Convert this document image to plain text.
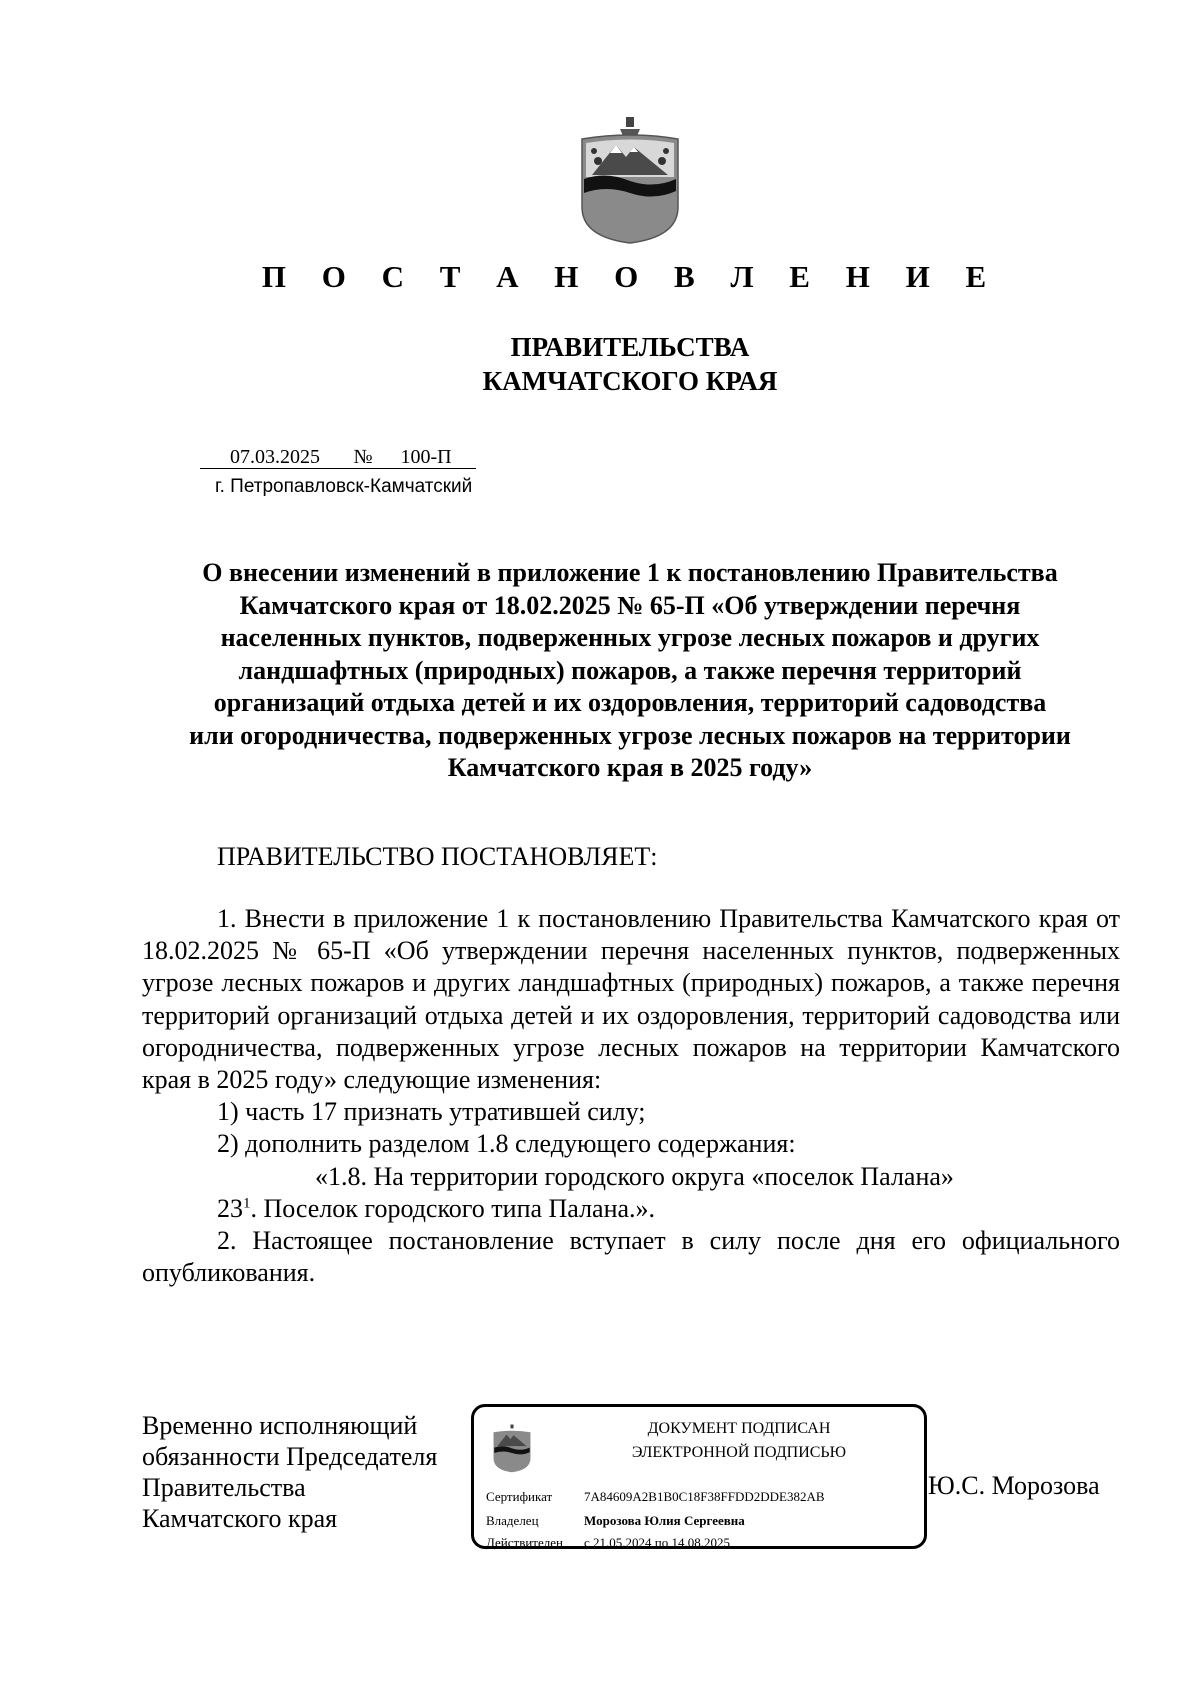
П О С Т А Н О В Л Е Н И Е
ПРАВИТЕЛЬСТВА
КАМЧАТСКОГО КРАЯ
07.03.2025 № 100-П
г. Петропавловск-Камчатский
О внесении изменений в приложение 1 к постановлению Правительства
Камчатского края от 18.02.2025 № 65-П «Об утверждении перечня
населенных пунктов, подверженных угрозе лесных пожаров и других
ландшафтных (природных) пожаров, а также перечня территорий
организаций отдыха детей и их оздоровления, территорий садоводства
или огородничества, подверженных угрозе лесных пожаров на территории
Камчатского края в 2025 году»
ПРАВИТЕЛЬСТВО ПОСТАНОВЛЯЕТ:

1. Внести в приложение 1 к постановлению Правительства Камчатского края от 18.02.2025 № 65-П «Об утверждении перечня населенных пунктов, подверженных угрозе лесных пожаров и других ландшафтных (природных) пожаров, а также перечня территорий организаций отдыха детей и их оздоровления, территорий садоводства или огородничества, подверженных угрозе лесных пожаров на территории Камчатского края в 2025 году» следующие изменения:

1) часть 17 признать утратившей силу;

2) дополнить разделом 1.8 следующего содержания:

«1.8. На территории городского округа «поселок Палана»

$23^1$. Поселок городского типа Палана.».

2. Настоящее постановление вступает в силу после дня его официального опубликования.

Временно исполняющий
обязанности Председателя
Правительства
Камчатского края
ДОКУМЕНТ ПОДПИСАН
ЭЛЕКТРОННОЙ ПОДПИСЬЮ
Сертификат 7A84609A2B1B0C18F38FFDD2DDE382AB
Владелец	Морозова Юлия Сергеевна
Действителен с 21.05.2024 по 14.08.2025
Ю.С. Морозова
